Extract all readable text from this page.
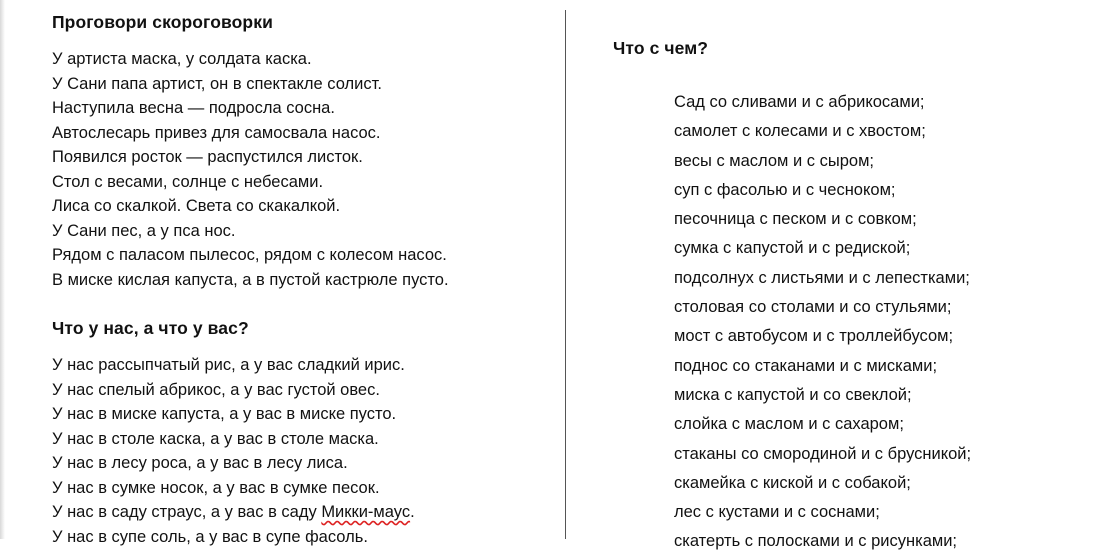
Проговори скороговорки
У артиста маска, у солдата каска.
У Сани папа артист, он в спектакле солист.
Наступила весна — подросла сосна.
Автослесарь привез для самосвала насос.
Появился росток — распустился листок.
Стол с весами, солнце с небесами.
Лиса со скалкой. Света со скакалкой.
У Сани пес, а у пса нос.
Рядом с паласом пылесос, рядом с колесом насос.
В миске кислая капуста, а в пустой кастрюле пусто.
Что у нас, а что у вас?
У нас рассыпчатый рис, а у вас сладкий ирис.
У нас спелый абрикос, а у вас густой овес.
У нас в миске капуста, а у вас в миске пусто.
У нас в столе каска, а у вас в столе маска.
У нас в лесу роса, а у вас в лесу лиса.
У нас в сумке носок, а у вас в сумке песок.
У нас в саду страус, а у вас в саду Микки-маус.
У нас в супе соль, а у вас в супе фасоль.
Что с чем?
Сад со сливами и с абрикосами;
самолет с колесами и с хвостом;
весы с маслом и с сыром;
суп с фасолью и с чесноком;
песочница с песком и с совком;
сумка с капустой и с редиской;
подсолнух с листьями и с лепестками;
столовая со столами и со стульями;
мост с автобусом и с троллейбусом;
поднос со стаканами и с мисками;
миска с капустой и со свеклой;
слойка с маслом и с сахаром;
стаканы со смородиной и с брусникой;
скамейка с киской и с собакой;
лес с кустами и с соснами;
скатерть с полосками и с рисунками;
